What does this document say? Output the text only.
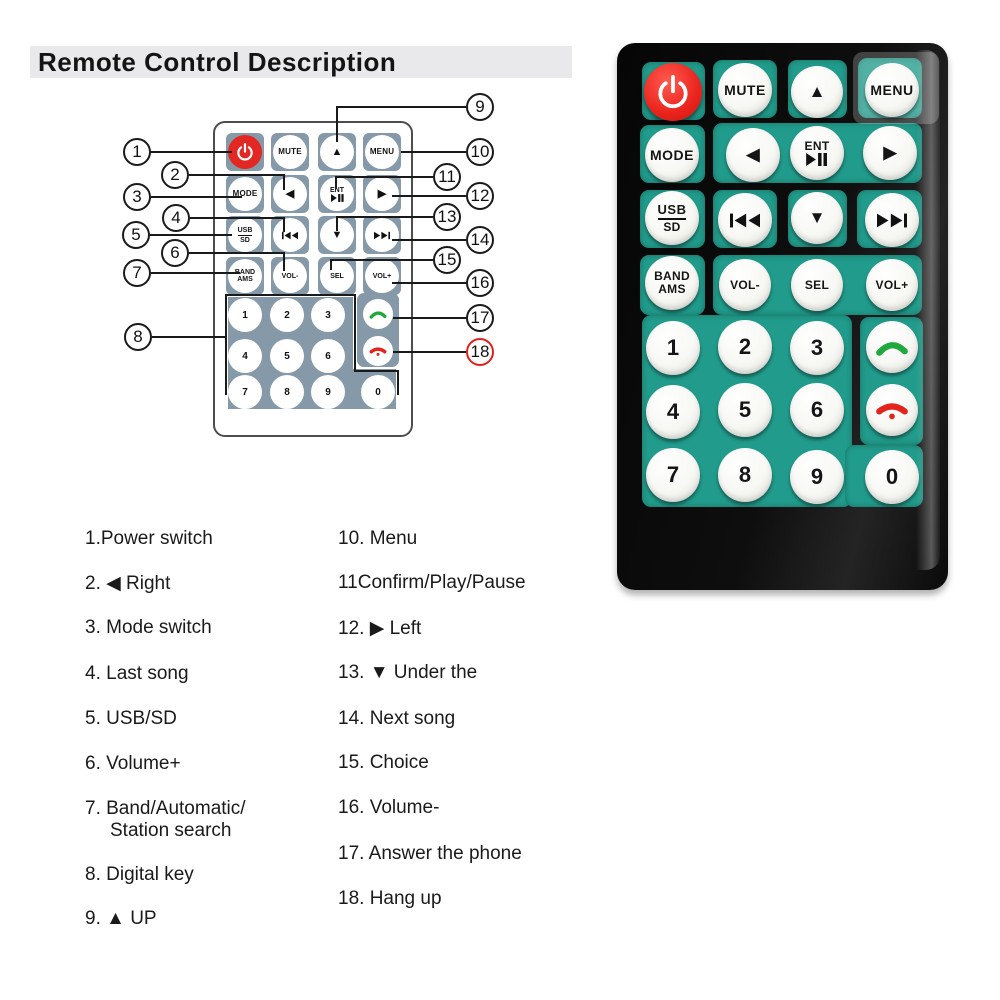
Remote Control Description
MUTE	▲	MENU
MODE	◀	ENT	▶
USB
SD	▼
BAND
AMS	VOL-	SEL	VOL+
1	2	3
4	5	6
7	8	9	0
1
2
3
4
5
6
7
8
9
10
11
12
13
14
15
16
17
18
1.Power switch
2. ◀ Right
3. Mode switch
4. Last song
5. USB/SD
6. Volume+
7. Band/Automatic/
Station search
8. Digital key
9. ▲ UP
10. Menu
11Confirm/Play/Pause
12. ▶ Left
13. ▼ Under the
14. Next song
15. Choice
16. Volume-
17. Answer the phone
18. Hang up
MUTE	▲	MENU
MODE	◀	ENT	▶
USB
SD	▼
BAND
AMS	VOL-	SEL	VOL+
1	2	3
4	5	6
7	8	9	0
